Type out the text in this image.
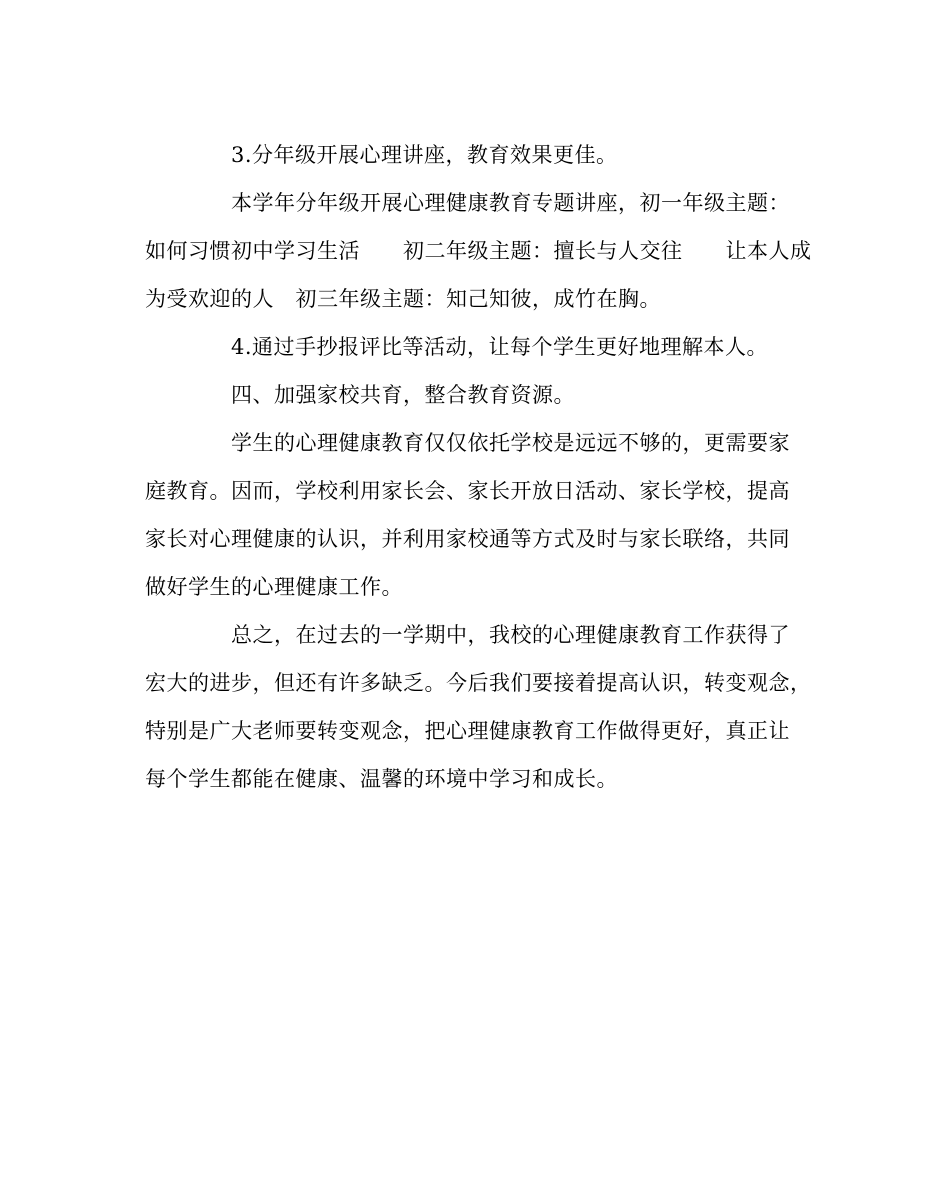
3.分年级开展心理讲座，教育效果更佳。
本学年分年级开展心理健康教育专题讲座，初一年级主题：
如何习惯初中学习生活　　初二年级主题：擅长与人交往　　让本人成
为受欢迎的人　初三年级主题：知己知彼，成竹在胸。
4.通过手抄报评比等活动，让每个学生更好地理解本人。
四、加强家校共育，整合教育资源。
学生的心理健康教育仅仅依托学校是远远不够的，更需要家
庭教育。因而，学校利用家长会、家长开放日活动、家长学校，提高
家长对心理健康的认识，并利用家校通等方式及时与家长联络，共同
做好学生的心理健康工作。
总之，在过去的一学期中，我校的心理健康教育工作获得了
宏大的进步，但还有许多缺乏。今后我们要接着提高认识，转变观念，
特别是广大老师要转变观念，把心理健康教育工作做得更好，真正让
每个学生都能在健康、温馨的环境中学习和成长。
